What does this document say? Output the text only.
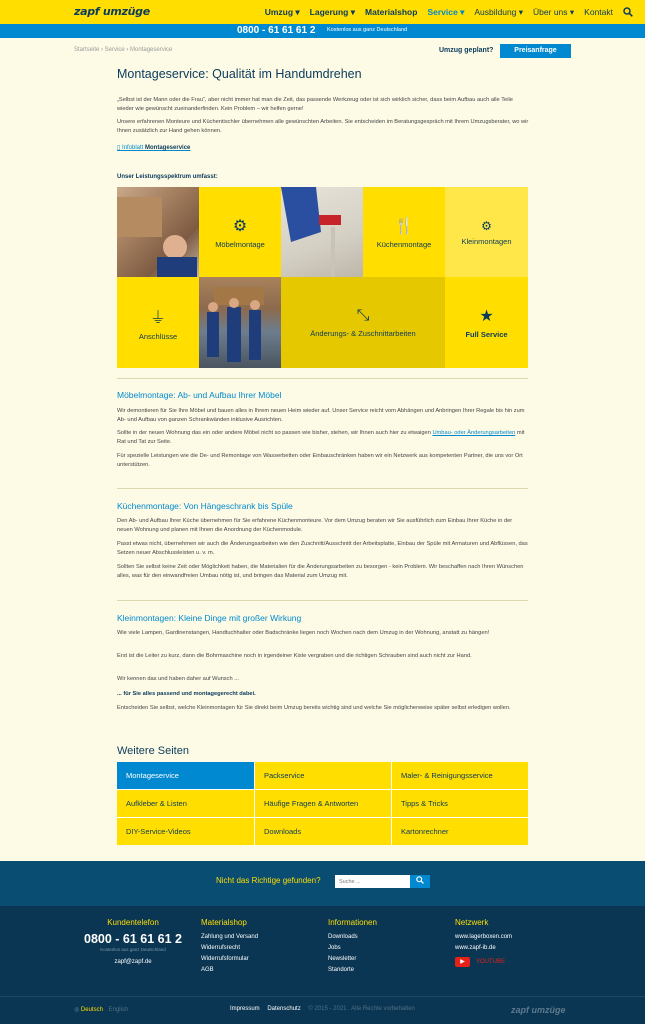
zapf umzüge	Umzug ▾ Lagerung ▾ Materialshop Service ▾ Ausbildung ▾ Über uns ▾ Kontakt
0800 - 61 61 61 2 Kostenlos aus ganz Deutschland
Startseite › Service › Montageservice	Umzug geplant?	Preisanfrage
Montageservice: Qualität im Handumdrehen
„Selbst ist der Mann oder die Frau“, aber nicht immer hat man die Zeit, das passende Werkzeug oder ist sich wirklich sicher, dass beim Aufbau auch alle Teile wieder wie gewünscht zueinanderfinden. Kein Problem – wir helfen gerne!
Unsere erfahrenen Monteure und Küchentischler übernehmen alle gewünschten Arbeiten. Sie entscheiden im Beratungsgespräch mit Ihrem Umzugsberater, wo wir Ihnen zusätzlich zur Hand gehen können.
▯ Infoblatt Montageservice
Unser Leistungsspektrum umfasst:
⚙
Möbelmontage
🍴
Küchenmontage
⚙
Kleinmontagen
⏚
Anschlüsse
⤡
Änderungs- & Zuschnittarbeiten
★
Full Service
Möbelmontage: Ab- und Aufbau Ihrer Möbel
Wir demontieren für Sie Ihre Möbel und bauen alles in Ihrem neuen Heim wieder auf. Unser Service reicht vom Abhängen und Anbringen Ihrer Regale bis hin zum Ab- und Aufbau von ganzen Schrankwänden inklusive Ausrichten.
Sollte in der neuen Wohnung das ein oder andere Möbel nicht so passen wie bisher, stehen, wir Ihnen auch hier zu etwaigen Umbau- oder Änderungsarbeiten mit Rat und Tat zur Seite.
Für spezielle Leistungen wie die De- und Remontage von Wasserbetten oder Einbauschränken haben wir ein Netzwerk aus kompetenten Partner, die uns vor Ort unterstützen.
Küchenmontage: Von Hängeschrank bis Spüle
Den Ab- und Aufbau Ihrer Küche übernehmen für Sie erfahrene Küchenmonteure. Vor dem Umzug beraten wir Sie ausführlich zum Einbau Ihrer Küche in der neuen Wohnung und planen mit Ihnen die Anordnung der Küchenmodule.
Passt etwas nicht, übernehmen wir auch die Änderungsarbeiten wie den Zuschnitt/Ausschnitt der Arbeitsplatte, Einbau der Spüle mit Armaturen und Abflüssen, das Setzen neuer Abschlussleisten u. v. m.
Sollten Sie selbst keine Zeit oder Möglichkeit haben, die Materialien für die Änderungsarbeiten zu besorgen - kein Problem. Wir beschaffen nach Ihren Wünschen alles, was für den einwandfreien Umbau nötig ist, und bringen das Material zum Umzug mit.
Kleinmontagen: Kleine Dinge mit großer Wirkung
Wie viele Lampen, Gardinenstangen, Handtuchhalter oder Badschränke liegen noch Wochen nach dem Umzug in der Wohnung, anstatt zu hängen!
Erst ist die Leiter zu kurz, dann die Bohrmaschine noch in irgendeiner Kiste vergraben und die richtigen Schrauben sind auch nicht zur Hand.
Wir kennen das und haben daher auf Wunsch ...
... für Sie alles passend und montagegerecht dabei.
Entscheiden Sie selbst, welche Kleinmontagen für Sie direkt beim Umzug bereits wichtig sind und welche Sie möglicherweise später selbst erledigen wollen.
Weitere Seiten
Montageservice	Packservice	Maler- & Reinigungsservice
Aufkleber & Listen	Häufige Fragen & Antworten	Tipps & Tricks
DIY-Service-Videos	Downloads	Kartonrechner
Nicht das Richtige gefunden?
Suche ...
Kundentelefon
0800 - 61 61 61 2
Kostenlos aus ganz Deutschland
zapf@zapf.de
Materialshop
Zahlung und Versand
Widerrufsrecht
Widerrufsformular
AGB
Informationen
Downloads
Jobs
Newsletter
Standorte
Netzwerk
www.lagerboxen.com
www.zapf-ib.de
▶ YOUTUBE
◍ Deutsch English	Impressum Datenschutz © 2015 - 2021 . Alle Rechte vorbehalten	zapf umzüge
